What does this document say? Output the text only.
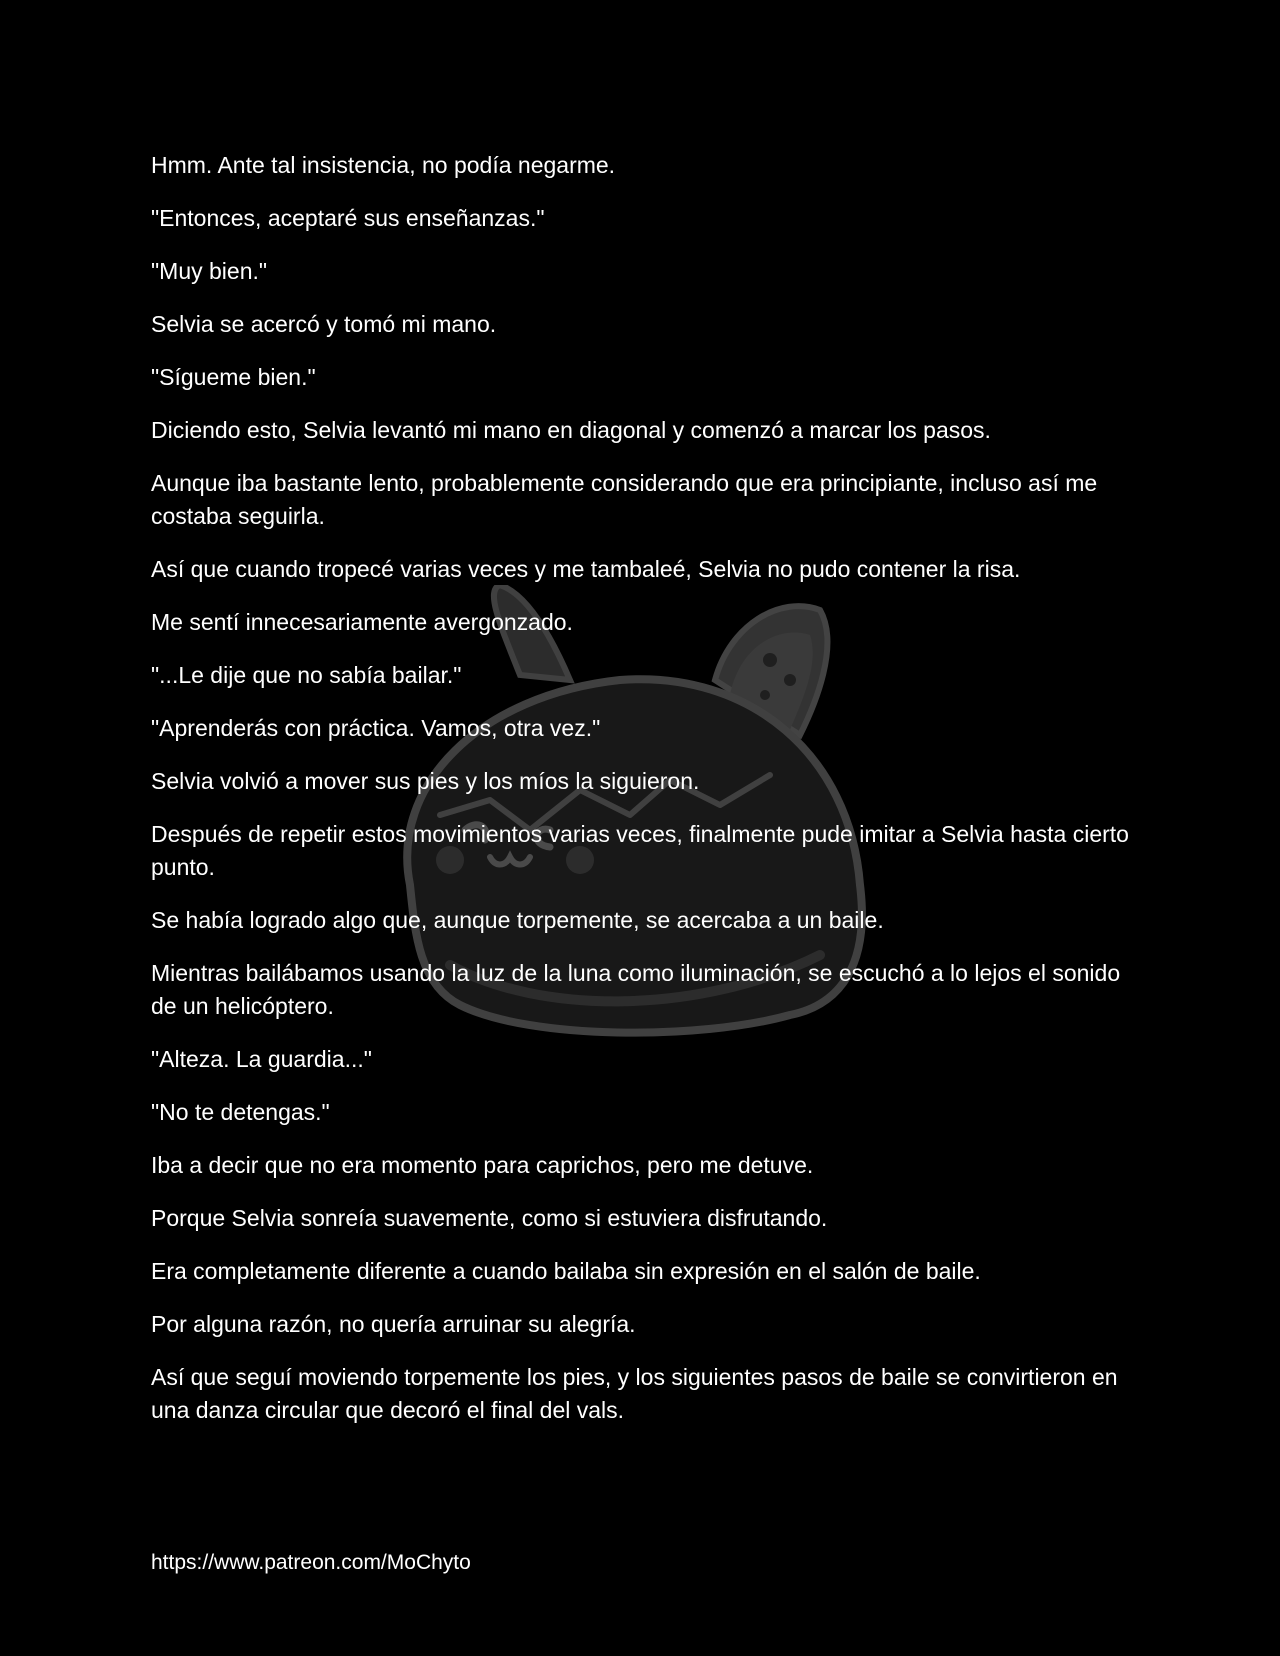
Hmm. Ante tal insistencia, no podía negarme.

"Entonces, aceptaré sus enseñanzas."

"Muy bien."

Selvia se acercó y tomó mi mano.

"Sígueme bien."

Diciendo esto, Selvia levantó mi mano en diagonal y comenzó a marcar los pasos.

Aunque iba bastante lento, probablemente considerando que era principiante, incluso así me costaba seguirla.

Así que cuando tropecé varias veces y me tambaleé, Selvia no pudo contener la risa.

Me sentí innecesariamente avergonzado.

"...Le dije que no sabía bailar."

"Aprenderás con práctica. Vamos, otra vez."

Selvia volvió a mover sus pies y los míos la siguieron.

Después de repetir estos movimientos varias veces, finalmente pude imitar a Selvia hasta cierto punto.

Se había logrado algo que, aunque torpemente, se acercaba a un baile.

Mientras bailábamos usando la luz de la luna como iluminación, se escuchó a lo lejos el sonido de un helicóptero.

"Alteza. La guardia..."

"No te detengas."

Iba a decir que no era momento para caprichos, pero me detuve.

Porque Selvia sonreía suavemente, como si estuviera disfrutando.

Era completamente diferente a cuando bailaba sin expresión en el salón de baile.

Por alguna razón, no quería arruinar su alegría.

Así que seguí moviendo torpemente los pies, y los siguientes pasos de baile se convirtieron en una danza circular que decoró el final del vals.

https://www.patreon.com/MoChyto
